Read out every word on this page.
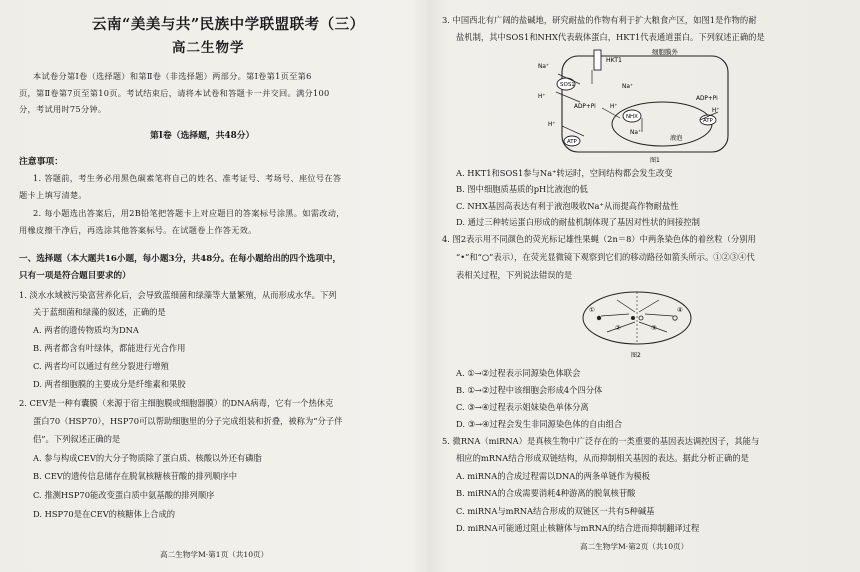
云南“美美与共”民族中学联盟联考（三）
高二生物学
本试卷分第Ⅰ卷（选择题）和第Ⅱ卷（非选择题）两部分。第Ⅰ卷第1页至第6
页，第Ⅱ卷第7页至第10页。考试结束后，请将本试卷和答题卡一并交回。满分100
分，考试用时75分钟。
第Ⅰ卷（选择题，共48分）
注意事项：
1. 答题前，考生务必用黑色碳素笔将自己的姓名、准考证号、考场号、座位号在答
题卡上填写清楚。
2. 每小题选出答案后，用2B铅笔把答题卡上对应题目的答案标号涂黑。如需改动，
用橡皮擦干净后，再选涂其他答案标号。在试题卷上作答无效。
一、选择题（本大题共16小题，每小题3分，共48分。在每小题给出的四个选项中，
只有一项是符合题目要求的）
1. 淡水水域被污染富营养化后，会导致蓝细菌和绿藻等大量繁殖，从而形成水华。下列
关于蓝细菌和绿藻的叙述，正确的是
A. 两者的遗传物质均为DNA
B. 两者都含有叶绿体，都能进行光合作用
C. 两者均可以通过有丝分裂进行增殖
D. 两者细胞膜的主要成分是纤维素和果胶
2. CEV是一种有囊膜（来源于宿主细胞膜或细胞器膜）的DNA病毒，它有一个热休克
蛋白70（HSP70），HSP70可以帮助细胞里的分子完成组装和折叠，被称为“分子伴
侣”。下列叙述正确的是
A. 参与构成CEV的大分子物质除了蛋白质、核酸以外还有磷脂
B. CEV的遗传信息储存在脱氧核糖核苷酸的排列顺序中
C. 推测HSP70能改变蛋白质中氨基酸的排列顺序
D. HSP70是在CEV的核糖体上合成的
高二生物学M·第1页（共10页）
3. 中国西北有广阔的盐碱地，研究耐盐的作物有利于扩大粮食产区，如图1是作物的耐
盐机制，其中SOS1和NHX代表载体蛋白，HKT1代表通道蛋白。下列叙述正确的是
细胞膜外
HKT1
SOS1
Na⁺
H⁺
ADP+Pi
ATP
H⁺
Na⁺
NHX
H⁺
Na⁺
液泡
ADP+Pi
ATP
H⁺
图1
A. HKT1和SOS1参与Na⁺转运时，空间结构都会发生改变
B. 图中细胞质基质的pH比液泡的低
C. NHX基因高表达有利于液泡吸收Na⁺从而提高作物耐盐性
D. 通过三种转运蛋白形成的耐盐机制体现了基因对性状的间接控制
4. 图2表示用不同颜色的荧光标记雄性果蝇（2n＝8）中两条染色体的着丝粒（分别用
“•”和“○”表示），在荧光显微镜下观察到它们的移动路径如箭头所示。①②③④代
表相关过程，下列说法错误的是
①
②	③
④
图2
A. ①→②过程表示同源染色体联会
B. ①→②过程中该细胞会形成4个四分体
C. ③→④过程表示姐妹染色单体分离
D. ③→④过程会发生非同源染色体的自由组合
5. 微RNA（miRNA）是真核生物中广泛存在的一类重要的基因表达调控因子，其能与
相应的mRNA结合形成双链结构，从而抑制相关基因的表达。据此分析正确的是
A. miRNA的合成过程需以DNA的两条单链作为模板
B. miRNA的合成需要消耗4种游离的脱氧核苷酸
C. miRNA与mRNA结合形成的双链区一共有5种碱基
D. miRNA可能通过阻止核糖体与mRNA的结合进而抑制翻译过程
高二生物学M·第2页（共10页）
